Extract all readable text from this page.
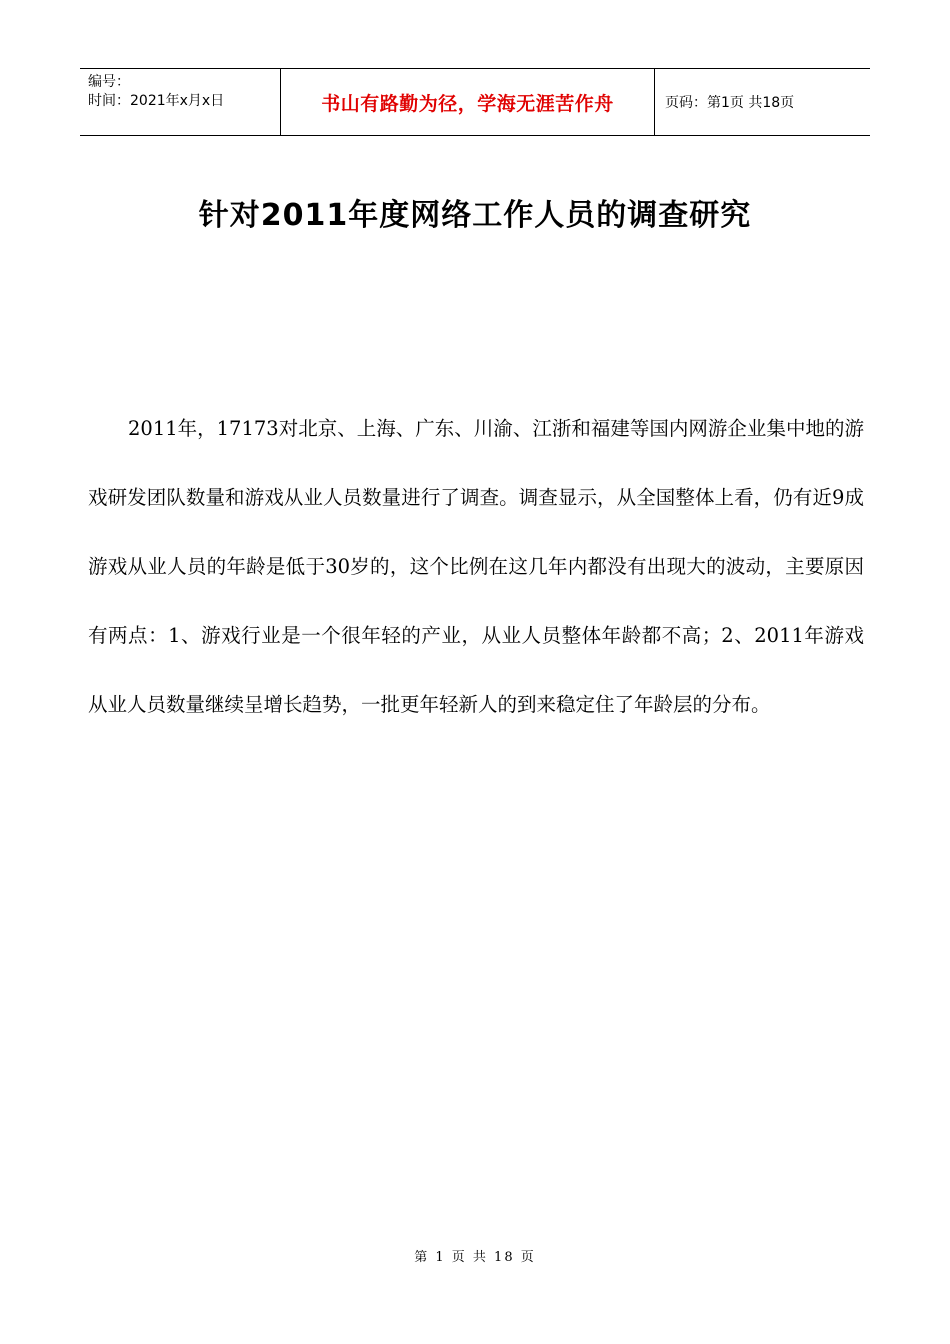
编号：
时间：2021年x月x日	书山有路勤为径，学海无涯苦作舟	页码：第1页 共18页
针对2011年度网络工作人员的调查研究

2011年，17173对北京、上海、广东、川渝、江浙和福建等国内网游企业集中地的游戏研发团队数量和游戏从业人员数量进行了调查。调查显示，从全国整体上看，仍有近9成游戏从业人员的年龄是低于30岁的，这个比例在这几年内都没有出现大的波动，主要原因有两点：1、游戏行业是一个很年轻的产业，从业人员整体年龄都不高；2、2011年游戏从业人员数量继续呈增长趋势，一批更年轻新人的到来稳定住了年龄层的分布。

第 1 页 共 18 页
